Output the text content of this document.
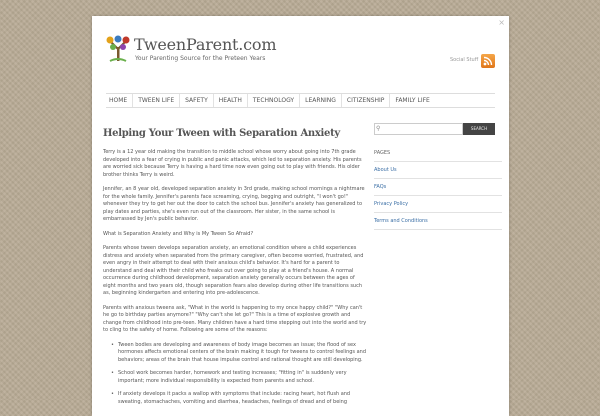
×
TweenParent.com
Your Parenting Source for the Preteen Years	Social Stuff
HOME	TWEEN LIFE	SAFETY	HEALTH	TECHNOLOGY	LEARNING	CITIZENSHIP	FAMILY LIFE
Helping Your Tween with Separation Anxiety

Terry is a 12 year old making the transition to middle school whose worry about going into 7th grade developed into a fear of crying in public and panic attacks, which led to separation anxiety. His parents are worried sick because Terry is having a hard time now even going out to play with friends. His older brother thinks Terry is weird.

Jennifer, an 8 year old, developed separation anxiety in 3rd grade, making school mornings a nightmare for the whole family. Jennifer's parents face screaming, crying, begging and outright, "I won't go!" whenever they try to get her out the door to catch the school bus. Jennifer's anxiety has generalized to play dates and parties, she's even run out of the classroom. Her sister, in the same school is embarrassed by Jen's public behavior.

What is Separation Anxiety and Why is My Tween So Afraid?

Parents whose tween develops separation anxiety, an emotional condition where a child experiences distress and anxiety when separated from the primary caregiver, often become worried, frustrated, and even angry in their attempt to deal with their anxious child's behavior. It's hard for a parent to understand and deal with their child who freaks out over going to play at a friend's house. A normal occurrence during childhood development, separation anxiety generally occurs between the ages of eight months and two years old, though separation fears also develop during other life transitions such as, beginning kindergarten and entering into pre-adolescence.

Parents with anxious tweens ask, "What in the world is happening to my once happy child?" "Why can't he go to birthday parties anymore?" "Why can't she let go?" This is a time of explosive growth and change from childhood into pre-teen. Many children have a hard time stepping out into the world and try to cling to the safety of home. Following are some of the reasons:

• Tween bodies are developing and awareness of body image becomes an issue; the flood of sex hormones affects emotional centers of the brain making it tough for tweens to control feelings and behaviors; areas of the brain that house impulse control and rational thought are still developing.
• School work becomes harder, homework and testing increases; "fitting in" is suddenly very important; more individual responsibility is expected from parents and school.
• If anxiety develops it packs a wallop with symptoms that include: racing heart, hot flush and sweating, stomachaches, vomiting and diarrhea, headaches, feelings of dread and of being
⚲	SEARCH
PAGES
About Us
FAQs
Privacy Policy
Terms and Conditions
